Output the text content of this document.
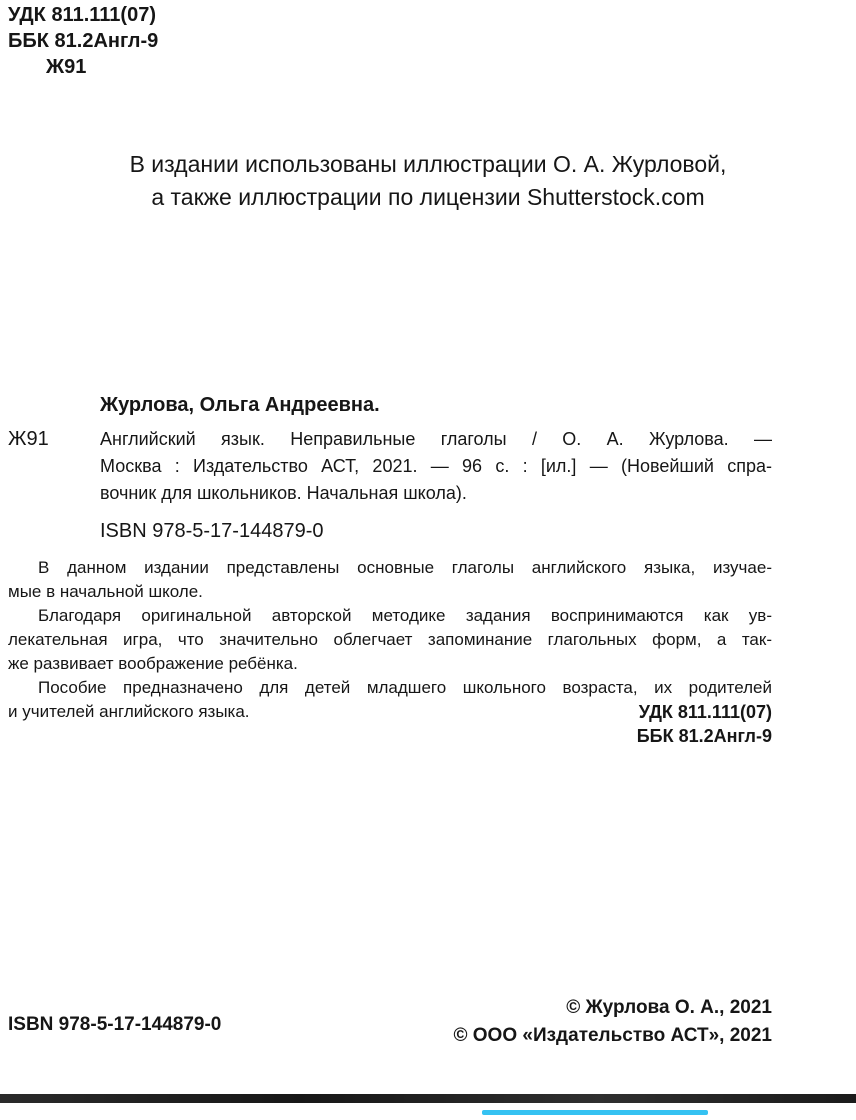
УДК 811.111(07)
ББК 81.2Англ-9
Ж91
В издании использованы иллюстрации О. А. Журловой,
а также иллюстрации по лицензии Shutterstock.com
Журлова, Ольга Андреевна.
Ж91	Английский язык. Неправильные глаголы / О. А. Журлова. —
Москва : Издательство АСТ, 2021. — 96 с. : [ил.] — (Новейший спра-
вочник для школьников. Начальная школа).
ISBN 978-5-17-144879-0
В данном издании представлены основные глаголы английского языка, изучае-
мые в начальной школе.
Благодаря оригинальной авторской методике задания воспринимаются как ув-
лекательная игра, что значительно облегчает запоминание глагольных форм, а так-
же развивает воображение ребёнка.
Пособие предназначено для детей младшего школьного возраста, их родителей
и учителей английского языка.	УДК 811.111(07)
ББК 81.2Англ-9
ISBN 978-5-17-144879-0
© Журлова О. А., 2021
© ООО «Издательство АСТ», 2021
